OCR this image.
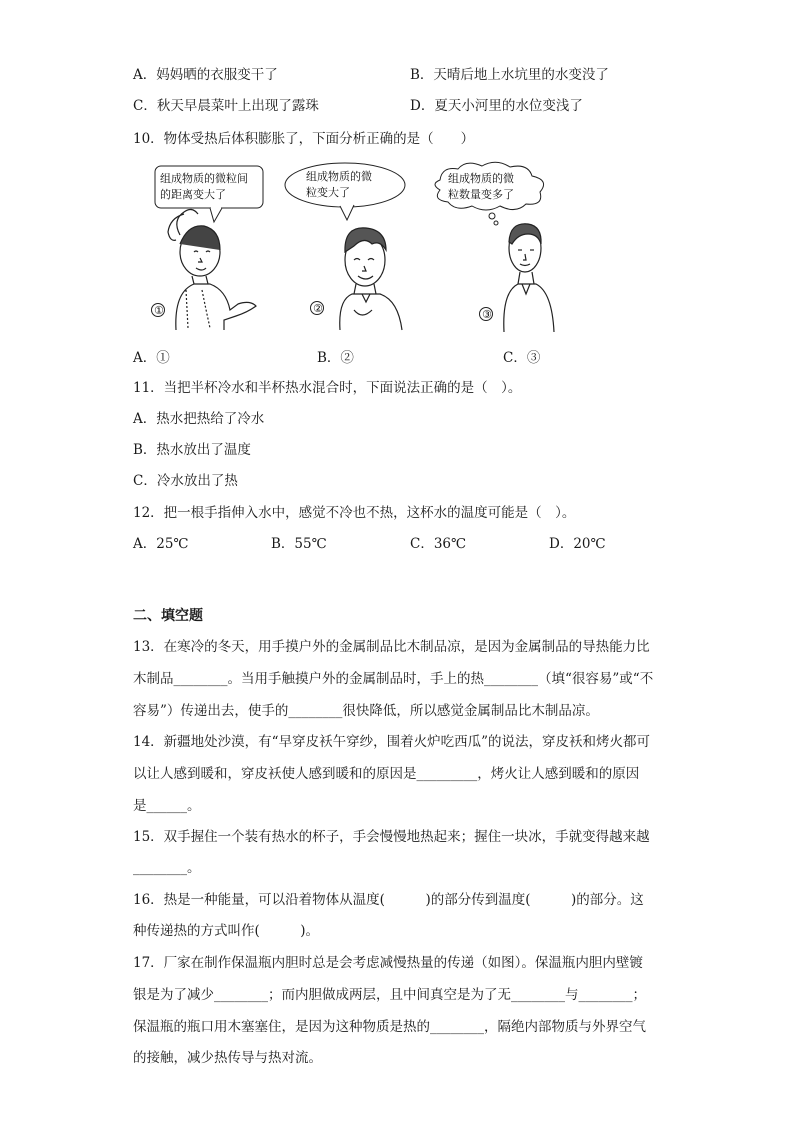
A．妈妈晒的衣服变干了	B．天晴后地上水坑里的水变没了
C．秋天早晨菜叶上出现了露珠	D．夏天小河里的水位变浅了
10．物体受热后体积膨胀了，下面分析正确的是（　　）
组成物质的微粒间
的距离变大了
组成物质的微
粒变大了
组成物质的微
粒数量变多了
①	②	③
A．①	B．②	C．③
11．当把半杯冷水和半杯热水混合时，下面说法正确的是（　）。
A．热水把热给了冷水
B．热水放出了温度
C．冷水放出了热
12．把一根手指伸入水中，感觉不冷也不热，这杯水的温度可能是（　）。
A．25℃	B．55℃	C．36℃	D．20℃
二、填空题
13．在寒冷的冬天，用手摸户外的金属制品比木制品凉，是因为金属制品的导热能力比
木制品________。当用手触摸户外的金属制品时，手上的热________（填“很容易”或“不
容易”）传递出去，使手的________很快降低，所以感觉金属制品比木制品凉。
14．新疆地处沙漠，有“早穿皮袄午穿纱，围着火炉吃西瓜”的说法，穿皮袄和烤火都可
以让人感到暖和，穿皮袄使人感到暖和的原因是_________，烤火让人感到暖和的原因
是______。
15．双手握住一个装有热水的杯子，手会慢慢地热起来；握住一块冰，手就变得越来越
________。
16．热是一种能量，可以沿着物体从温度(　　　)的部分传到温度(　　　)的部分。这
种传递热的方式叫作(　　　)。
17．厂家在制作保温瓶内胆时总是会考虑减慢热量的传递（如图）。保温瓶内胆内壁镀
银是为了减少________；而内胆做成两层，且中间真空是为了无________与________；
保温瓶的瓶口用木塞塞住，是因为这种物质是热的________，隔绝内部物质与外界空气
的接触，减少热传导与热对流。
